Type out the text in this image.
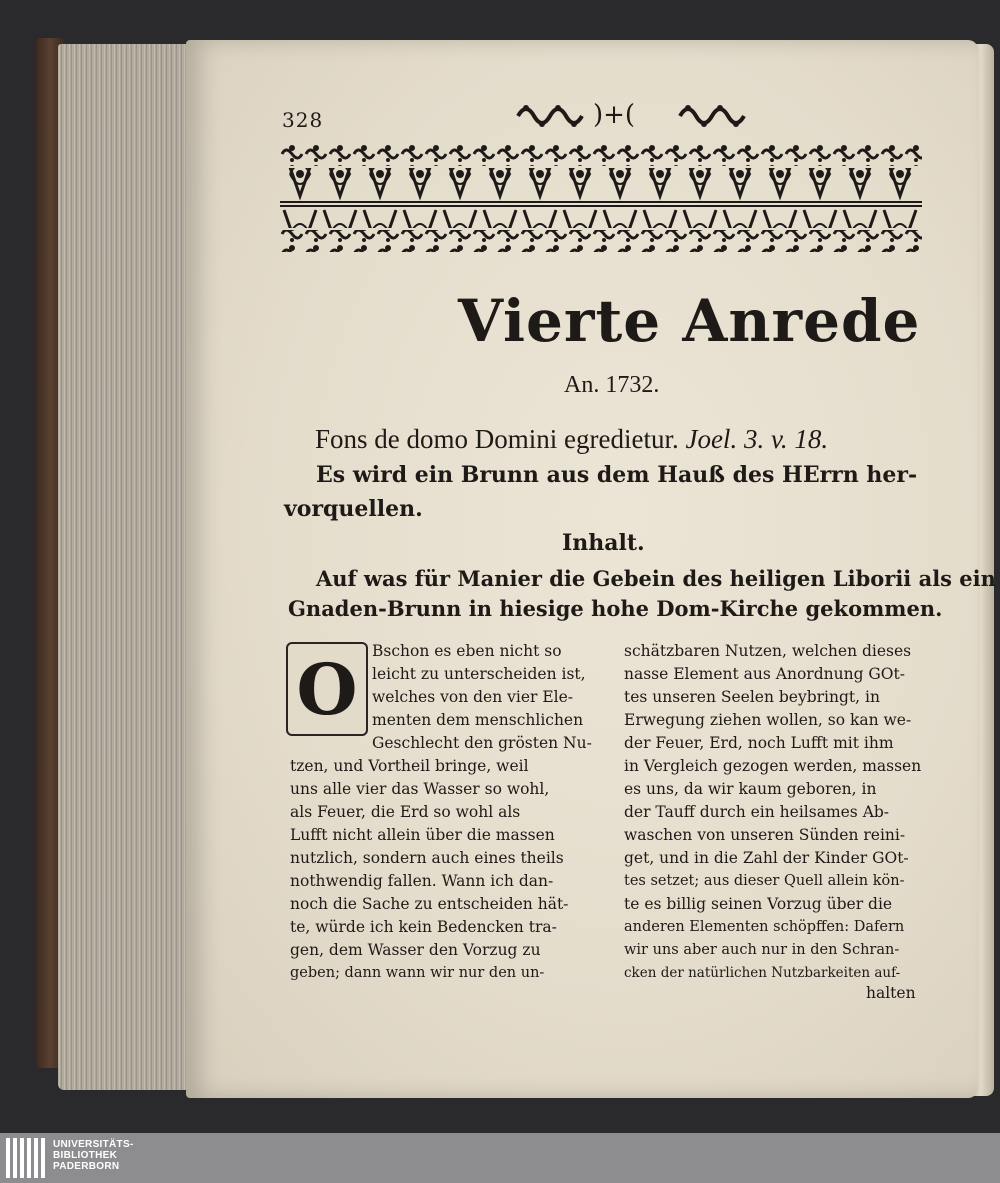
328	)+(
Vierte Anrede
An. 1732.
Fons de domo Domini egredietur. Joel. 3. v. 18.
Es wird ein Brunn aus dem Hauß des HErrn her-
vorquellen.
Inhalt.
Auf was für Manier die Gebein des heiligen Liborii als ein
Gnaden-Brunn in hiesige hohe Dom-Kirche gekommen.
O Bschon es eben nicht so
leicht zu unterscheiden ist,
welches von den vier Ele-
menten dem menschlichen
Geschlecht den grösten Nu-
tzen, und Vortheil bringe, weil
uns alle vier das Wasser so wohl,
als Feuer, die Erd so wohl als
Lufft nicht allein über die massen
nutzlich, sondern auch eines theils
nothwendig fallen. Wann ich dan-
noch die Sache zu entscheiden hät-
te, würde ich kein Bedencken tra-
gen, dem Wasser den Vorzug zu
geben; dann wann wir nur den un-
schätzbaren Nutzen, welchen dieses
nasse Element aus Anordnung GOt-
tes unseren Seelen beybringt, in
Erwegung ziehen wollen, so kan we-
der Feuer, Erd, noch Lufft mit ihm
in Vergleich gezogen werden, massen
es uns, da wir kaum geboren, in
der Tauff durch ein heilsames Ab-
waschen von unseren Sünden reini-
get, und in die Zahl der Kinder GOt-
tes setzet; aus dieser Quell allein kön-
te es billig seinen Vorzug über die
anderen Elementen schöpffen: Dafern
wir uns aber auch nur in den Schran-
cken der natürlichen Nutzbarkeiten auf-
halten
UNIVERSITÄTS-
BIBLIOTHEK
PADERBORN
